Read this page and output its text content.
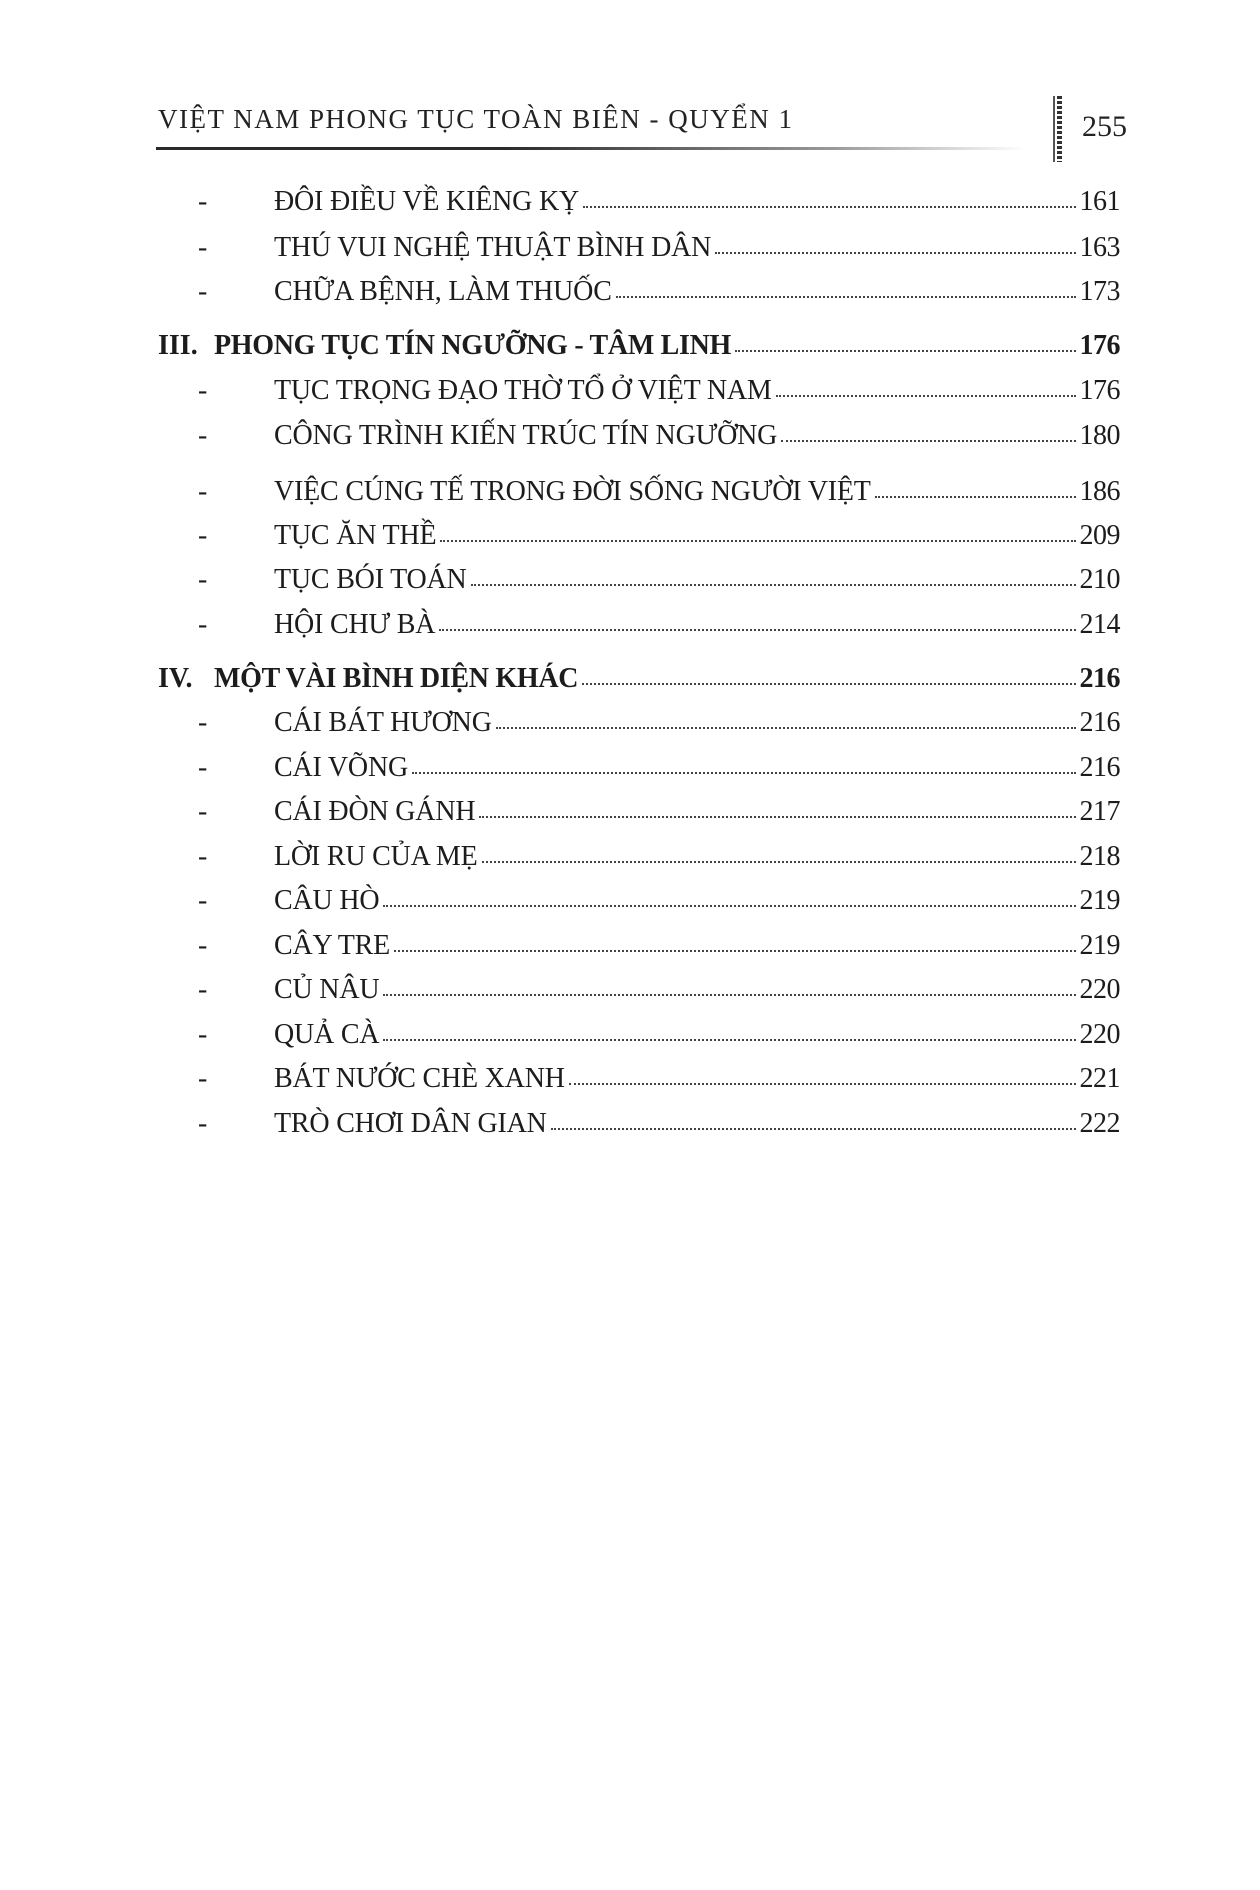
VIỆT NAM PHONG TỤC TOÀN BIÊN - QUYỂN 1	255
-	ĐÔI ĐIỀU VỀ KIÊNG KỴ	161
-	THÚ VUI NGHỆ THUẬT BÌNH DÂN	163
-	CHỮA BỆNH, LÀM THUỐC	173
III. PHONG TỤC TÍN NGƯỠNG - TÂM LINH	176
-	TỤC TRỌNG ĐẠO THỜ TỔ Ở VIỆT NAM	176
-	CÔNG TRÌNH KIẾN TRÚC TÍN NGƯỠNG	180
-	VIỆC CÚNG TẾ TRONG ĐỜI SỐNG NGƯỜI VIỆT	186
-	TỤC ĂN THỀ	209
-	TỤC BÓI TOÁN	210
-	HỘI CHƯ BÀ	214
IV. MỘT VÀI BÌNH DIỆN KHÁC	216
-	CÁI BÁT HƯƠNG	216
-	CÁI VÕNG	216
-	CÁI ĐÒN GÁNH	217
-	LỜI RU CỦA MẸ	218
-	CÂU HÒ	219
-	CÂY TRE	219
-	CỦ NÂU	220
-	QUẢ CÀ	220
-	BÁT NƯỚC CHÈ XANH	221
-	TRÒ CHƠI DÂN GIAN	222
